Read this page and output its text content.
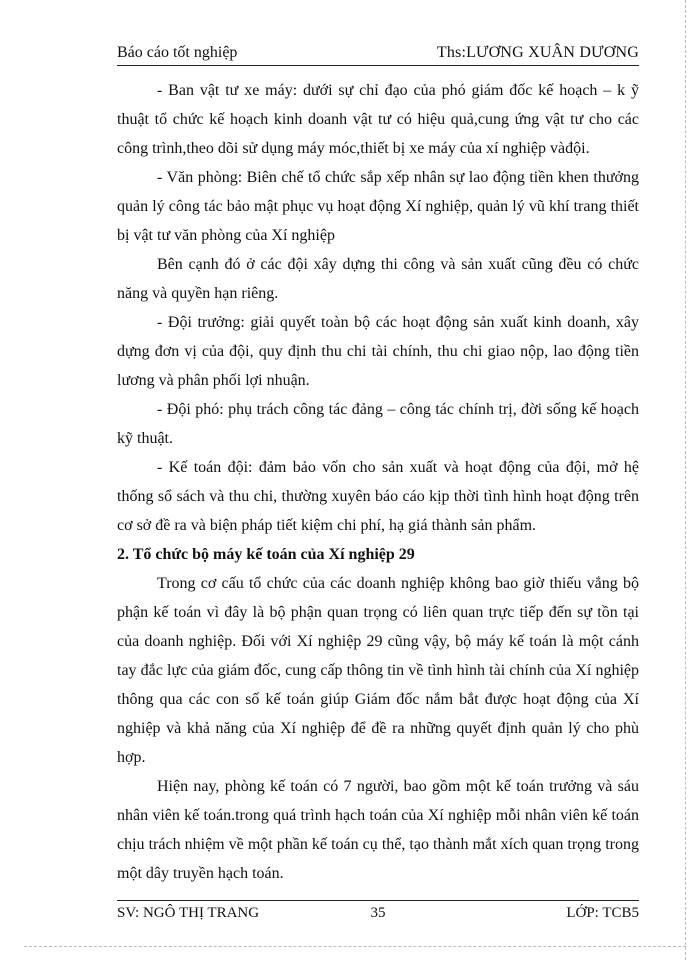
Báo cáo tốt nghiệp	Ths:LƯƠNG XUÂN DƯƠNG

- Ban vật tư xe máy: dưới sự chỉ đạo của phó giám đốc kế hoạch – k ỹ thuật tổ chức kế hoạch kinh doanh vật tư có hiệu quả,cung ứng vật tư cho các công trình,theo dõi sử dụng máy móc,thiết bị xe máy của xí nghiệp vàđội.

- Văn phòng: Biên chế tổ chức sắp xếp nhân sự lao động tiền khen thưởng quản lý công tác bảo mật phục vụ hoạt động Xí nghiệp, quản lý vũ khí trang thiết bị vật tư văn phòng của Xí nghiệp

Bên cạnh đó ở các đội xây dựng thi công và sản xuất cũng đều có chức năng và quyền hạn riêng.

- Đội trưởng: giải quyết toàn bộ các hoạt động sản xuất kinh doanh, xây dựng đơn vị của đội, quy định thu chi tài chính, thu chi giao nộp, lao động tiền lương và phân phối lợi nhuận.

- Đội phó: phụ trách công tác đảng – công tác chính trị, đời sống kế hoạch kỹ thuật.

- Kế toán đội: đảm bảo vốn cho sản xuất và hoạt động của đội, mở hệ thống sổ sách và thu chi, thường xuyên báo cáo kịp thời tình hình hoạt động trên cơ sở đề ra và biện pháp tiết kiệm chi phí, hạ giá thành sản phẩm.

2. Tổ chức bộ máy kế toán của Xí nghiệp 29

Trong cơ cấu tổ chức của các doanh nghiệp không bao giờ thiếu vắng bộ phận kế toán vì đây là bộ phận quan trọng có liên quan trực tiếp đến sự tồn tại của doanh nghiệp. Đối với Xí nghiệp 29 cũng vậy, bộ máy kế toán là một cánh tay đắc lực của giám đốc, cung cấp thông tin về tình hình tài chính của Xí nghiệp thông qua các con số kế toán giúp Giám đốc nắm bắt được hoạt động của Xí nghiệp và khả năng của Xí nghiệp để đề ra những quyết định quản lý cho phù hợp.

Hiện nay, phòng kế toán có 7 người, bao gồm một kế toán trưởng và sáu nhân viên kế toán.trong quá trình hạch toán của Xí nghiệp mỗi nhân viên kế toán chịu trách nhiệm về một phần kế toán cụ thể, tạo thành mắt xích quan trọng trong một dây truyền hạch toán.

SV: NGÔ THỊ TRANG	35	LỚP: TCB5
